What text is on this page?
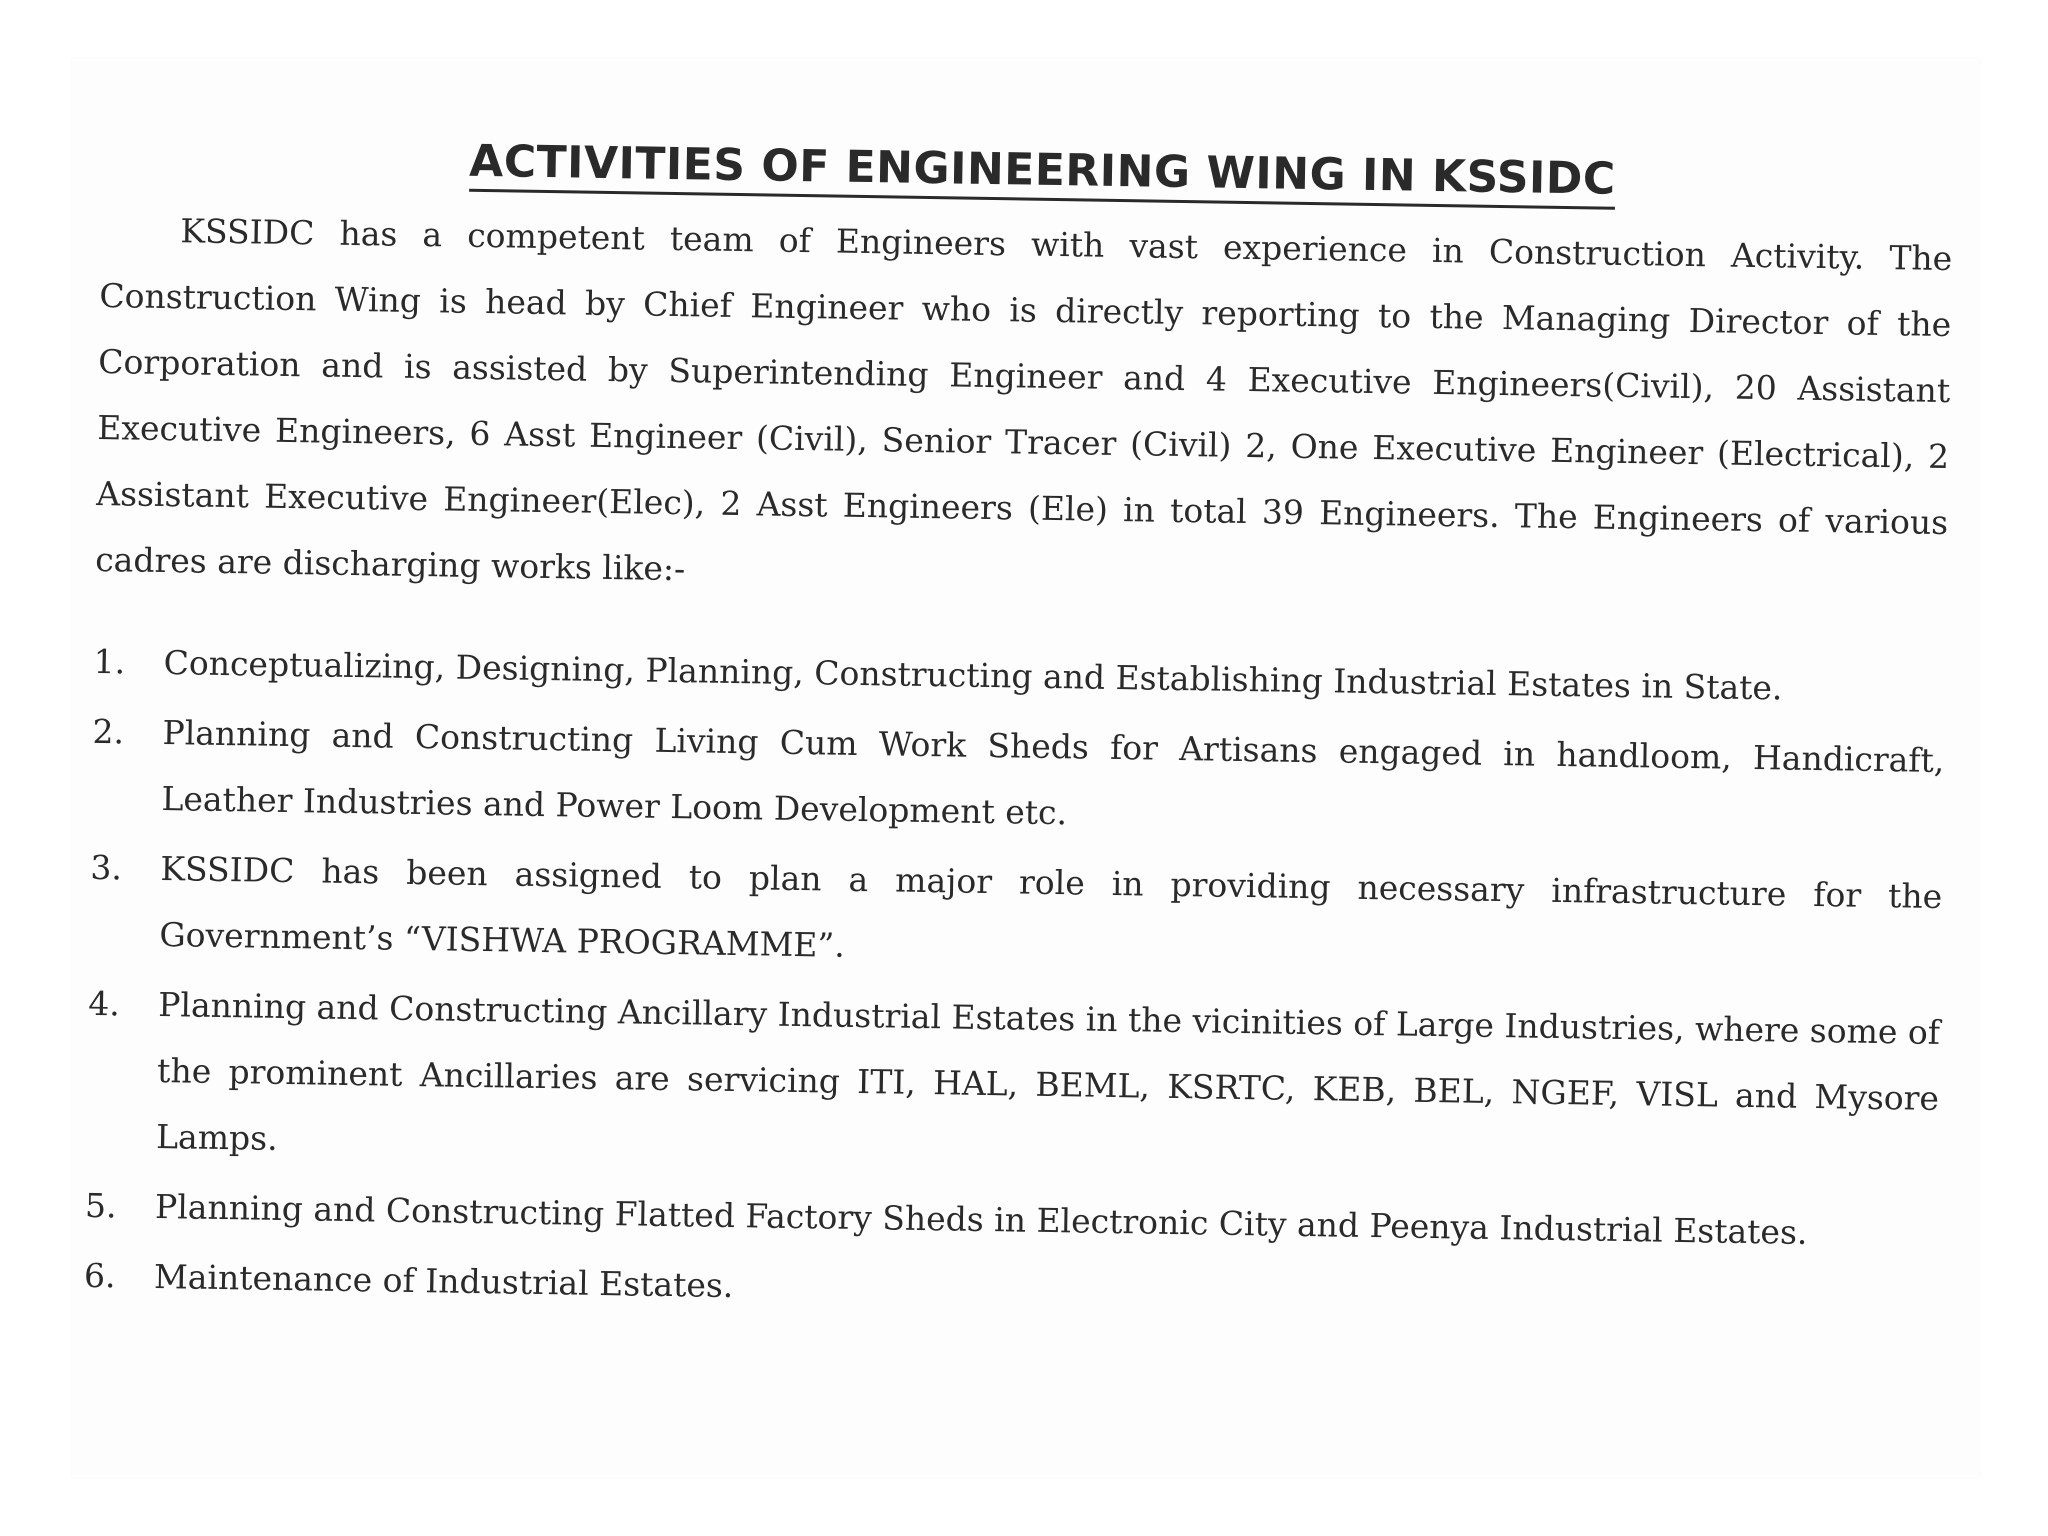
ACTIVITIES OF ENGINEERING WING IN KSSIDC

KSSIDC has a competent team of Engineers with vast experience in Construction Activity. The Construction Wing is head by Chief Engineer who is directly reporting to the Managing Director of the Corporation and is assisted by Superintending Engineer and 4 Executive Engineers(Civil), 20 Assistant Executive Engineers, 6 Asst Engineer (Civil), Senior Tracer (Civil) 2, One Executive Engineer (Electrical), 2 Assistant Executive Engineer(Elec), 2 Asst Engineers (Ele) in total 39 Engineers. The Engineers of various cadres are discharging works like:-

1.	Conceptualizing, Designing, Planning, Constructing and Establishing Industrial Estates in State.
2.	Planning and Constructing Living Cum Work Sheds for Artisans engaged in handloom, Handicraft, Leather Industries and Power Loom Development etc.
3.	KSSIDC has been assigned to plan a major role in providing necessary infrastructure for the Government’s “VISHWA PROGRAMME”.
4.	Planning and Constructing Ancillary Industrial Estates in the vicinities of Large Industries, where some of the prominent Ancillaries are servicing ITI, HAL, BEML, KSRTC, KEB, BEL, NGEF, VISL and Mysore Lamps.
5.	Planning and Constructing Flatted Factory Sheds in Electronic City and Peenya Industrial Estates.
6.	Maintenance of Industrial Estates.
